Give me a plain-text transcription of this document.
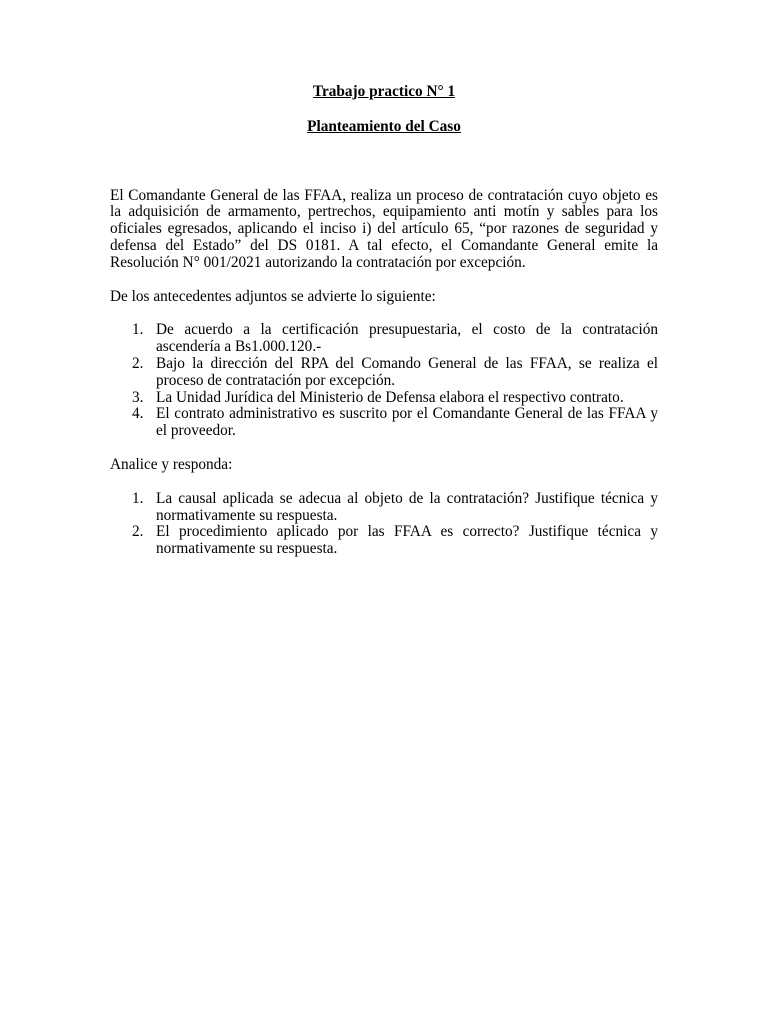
Trabajo practico N° 1

Planteamiento del Caso

El Comandante General de las FFAA, realiza un proceso de contratación cuyo objeto es la adquisición de armamento, pertrechos, equipamiento anti motín y sables para los oficiales egresados, aplicando el inciso i) del artículo 65, “por razones de seguridad y defensa del Estado” del DS 0181. A tal efecto, el Comandante General emite la Resolución N° 001/2021 autorizando la contratación por excepción.

De los antecedentes adjuntos se advierte lo siguiente:

1. De acuerdo a la certificación presupuestaria, el costo de la contratación ascendería a Bs1.000.120.-
2. Bajo la dirección del RPA del Comando General de las FFAA, se realiza el proceso de contratación por excepción.
3. La Unidad Jurídica del Ministerio de Defensa elabora el respectivo contrato.
4. El contrato administrativo es suscrito por el Comandante General de las FFAA y el proveedor.

Analice y responda:

1. La causal aplicada se adecua al objeto de la contratación? Justifique técnica y normativamente su respuesta.
2. El procedimiento aplicado por las FFAA es correcto? Justifique técnica y normativamente su respuesta.
